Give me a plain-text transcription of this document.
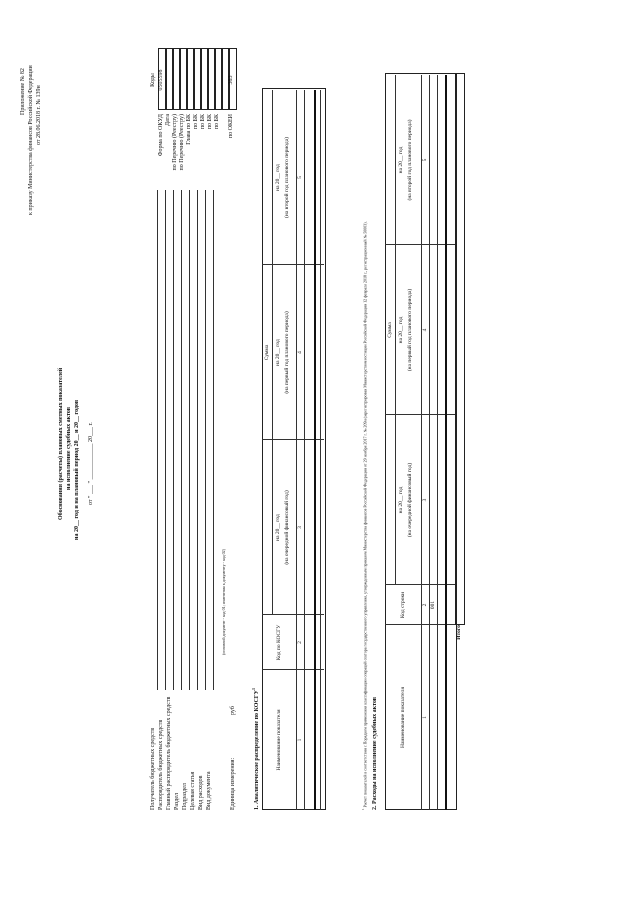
Приложение № 82 к приказу Министерства финансов Российской Федерации от 28.06.2018 г. № 139н
Обоснования (расчеты) плановых сметных показателей на исполнение судебных актов на 20__ год и на плановый период 20__ и 20__ годов от " ___ " ____________ 20___ г.
Коды 0505598
Форма по ОКУД Дата по Перечню (Реестру) по Перечню (Реестру) Глава по БК по БК по БК по БК по БК
383
по ОКЕИ
Получатель бюджетных средств Распорядитель бюджетных средств Главный распорядитель бюджетных средств Раздел Подраздел Целевая статья Вид расходов Вид документа	Единица измерения:
руб
(основной документ - код 01; изменения к документу - код 02)
1. Аналитическое распределение по КОСГУ$^1$
Наименование показателя
Код по КОСГУ
Сумма
на 20__ год (на очередной финансовый год)
на 20__ год (на первый год планового периода)
на 20__ год (на второй год планового периода)
1
2
3
4
5
$^1$ Расчет показателей в соответствии с Порядком применения классификации операций сектора государственного управления, утвержденным приказом Министерства финансов Российской Федерации от 29 ноября 2017 г. № 209н (зарегистрирован Министерством юстиции Российской Федерации 12 февраля 2018 г., регистрационный № 50003). 2. Расходы на исполнение судебных актов	Наименование показателя
Код строки
Сумма
на 20__ год (на очередной финансовый год)
на 20__ год (на первый год планового периода)
на 20__ год (на второй год планового периода)
1
2
3
4
5
001
Итого
